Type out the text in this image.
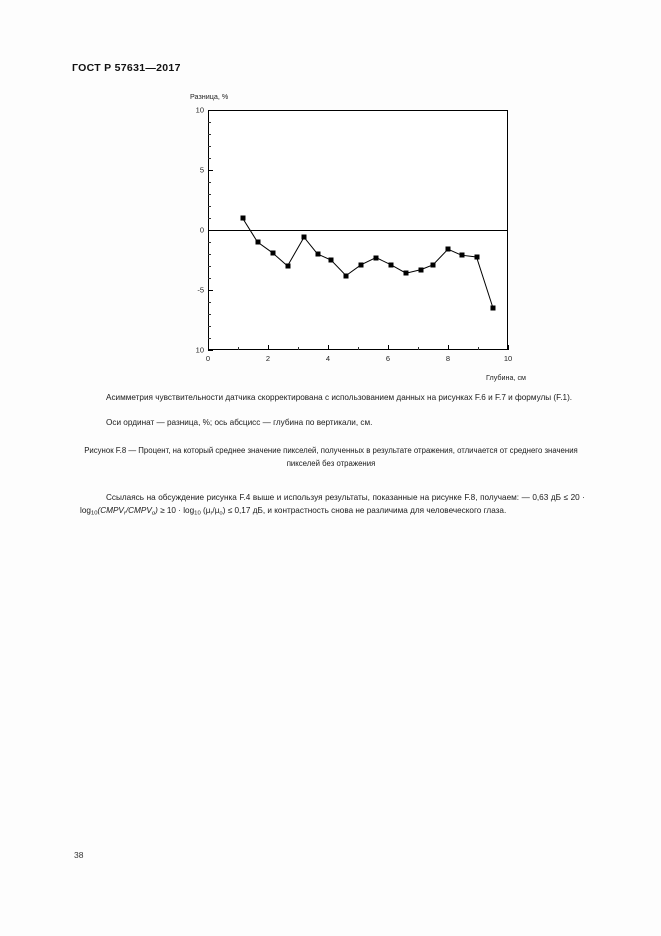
ГОСТ Р 57631—2017
Разница, %
10
5
0
-5
10
0	2	4	6	8	10
Глубина, см
Асимметрия чувствительности датчика скорректирована с использованием данных на рисунках F.6 и F.7 и формулы (F.1).
Оси ординат — разница, %; ось абсцисс — глубина по вертикали, см.
Рисунок F.8 — Процент, на который среднее значение пикселей, полученных в результате отражения, отличается от среднего значения пикселей без отражения
Ссылаясь на обсуждение рисунка F.4 выше и используя результаты, показанные на рисунке F.8, получаем: — 0,63 дБ ≤ $20 \cdot \log_{10}(CMPV_r/CMPV_o) \ge 10 \cdot \log_{10} (\mu_r/\mu_o) \le 0,17$ дБ, и контрастность снова не различима для человеческого глаза.
38
